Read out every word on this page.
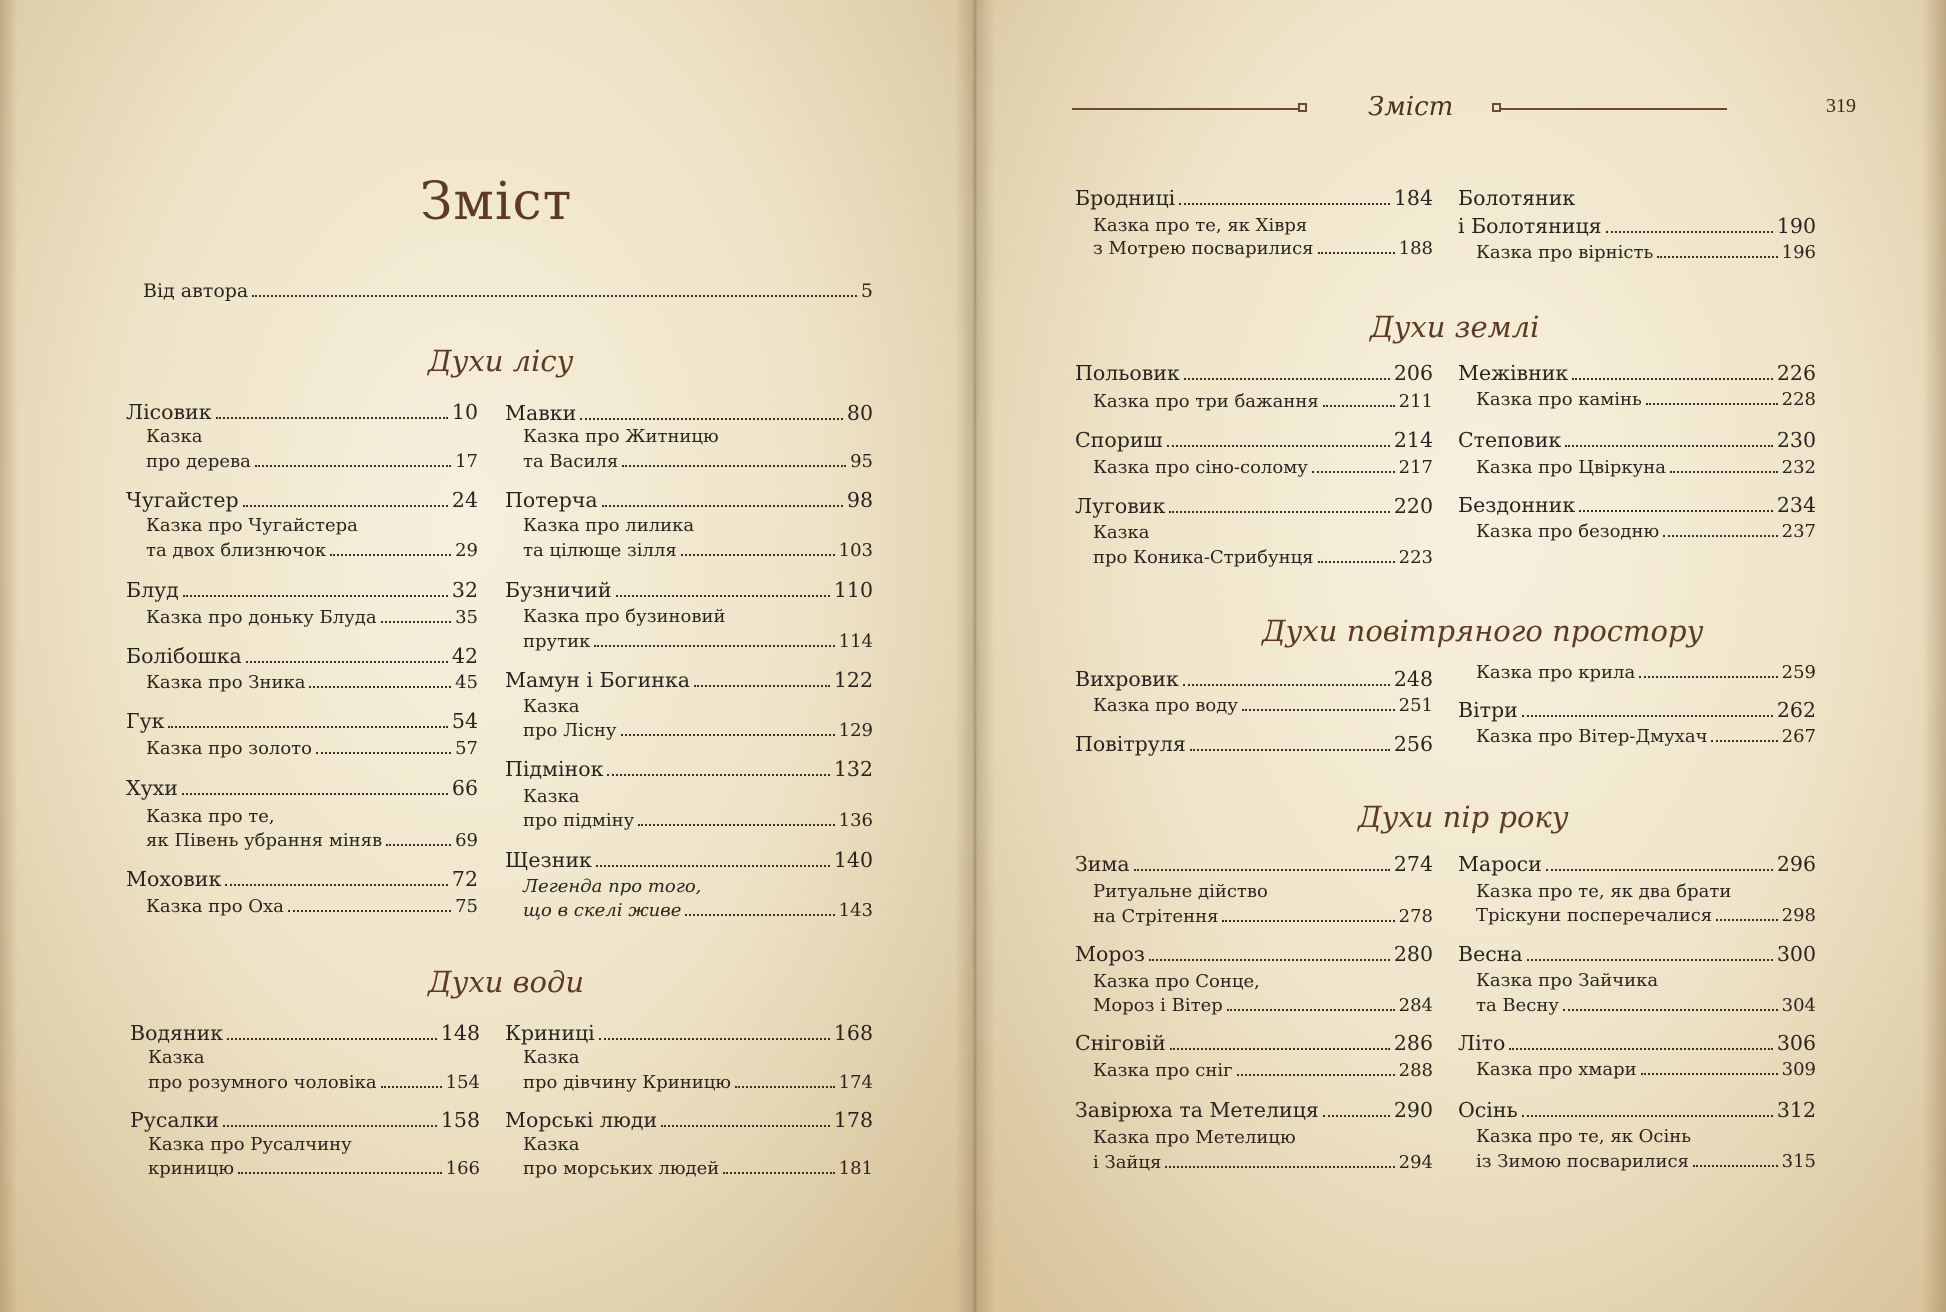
Зміст
Від автора	5
Духи лісу
Лісовик	10
Казка
про дерева	17
Чугайстер	24
Казка про Чугайстера
та двох близнючок	29
Блуд	32
Казка про доньку Блуда	35
Болібошка	42
Казка про Зника	45
Гук	54
Казка про золото	57
Хухи	66
Казка про те,
як Півень убрання міняв	69
Моховик	72
Казка про Оха	75
Мавки	80
Казка про Житницю
та Василя	95
Потерча	98
Казка про лилика
та цілюще зілля	103
Бузничий	110
Казка про бузиновий
прутик	114
Мамун і Богинка	122
Казка
про Лісну	129
Підмінок	132
Казка
про підміну	136
Щезник	140
Легенда про того,
що в скелі живе	143
Духи води
Водяник	148
Казка
про розумного чоловіка	154
Русалки	158
Казка про Русалчину
криницю	166
Криниці	168
Казка
про дівчину Криницю	174
Морські люди	178
Казка
про морських людей	181
Зміст	319
Бродниці	184
Казка про те, як Хівря
з Мотрею посварилися	188
Болотяник
і Болотяниця	190
Казка про вірність	196
Духи землі
Польовик	206
Казка про три бажання	211
Спориш	214
Казка про сіно-солому	217
Луговик	220
Казка
про Коника-Стрибунця	223
Межівник	226
Казка про камінь	228
Степовик	230
Казка про Цвіркуна	232
Бездонник	234
Казка про безодню	237
Духи повітряного простору
Вихровик	248
Казка про воду	251
Повітруля	256
Казка про крила	259
Вітри	262
Казка про Вітер-Дмухач	267
Духи пір року
Зима	274
Ритуальне дійство
на Стрітення	278
Мороз	280
Казка про Сонце,
Мороз і Вітер	284
Сніговій	286
Казка про сніг	288
Завірюха та Метелиця	290
Казка про Метелицю
і Зайця	294
Мароси	296
Казка про те, як два брати
Тріскуни посперечалися	298
Весна	300
Казка про Зайчика
та Весну	304
Літо	306
Казка про хмари	309
Осінь	312
Казка про те, як Осінь
із Зимою посварилися	315
